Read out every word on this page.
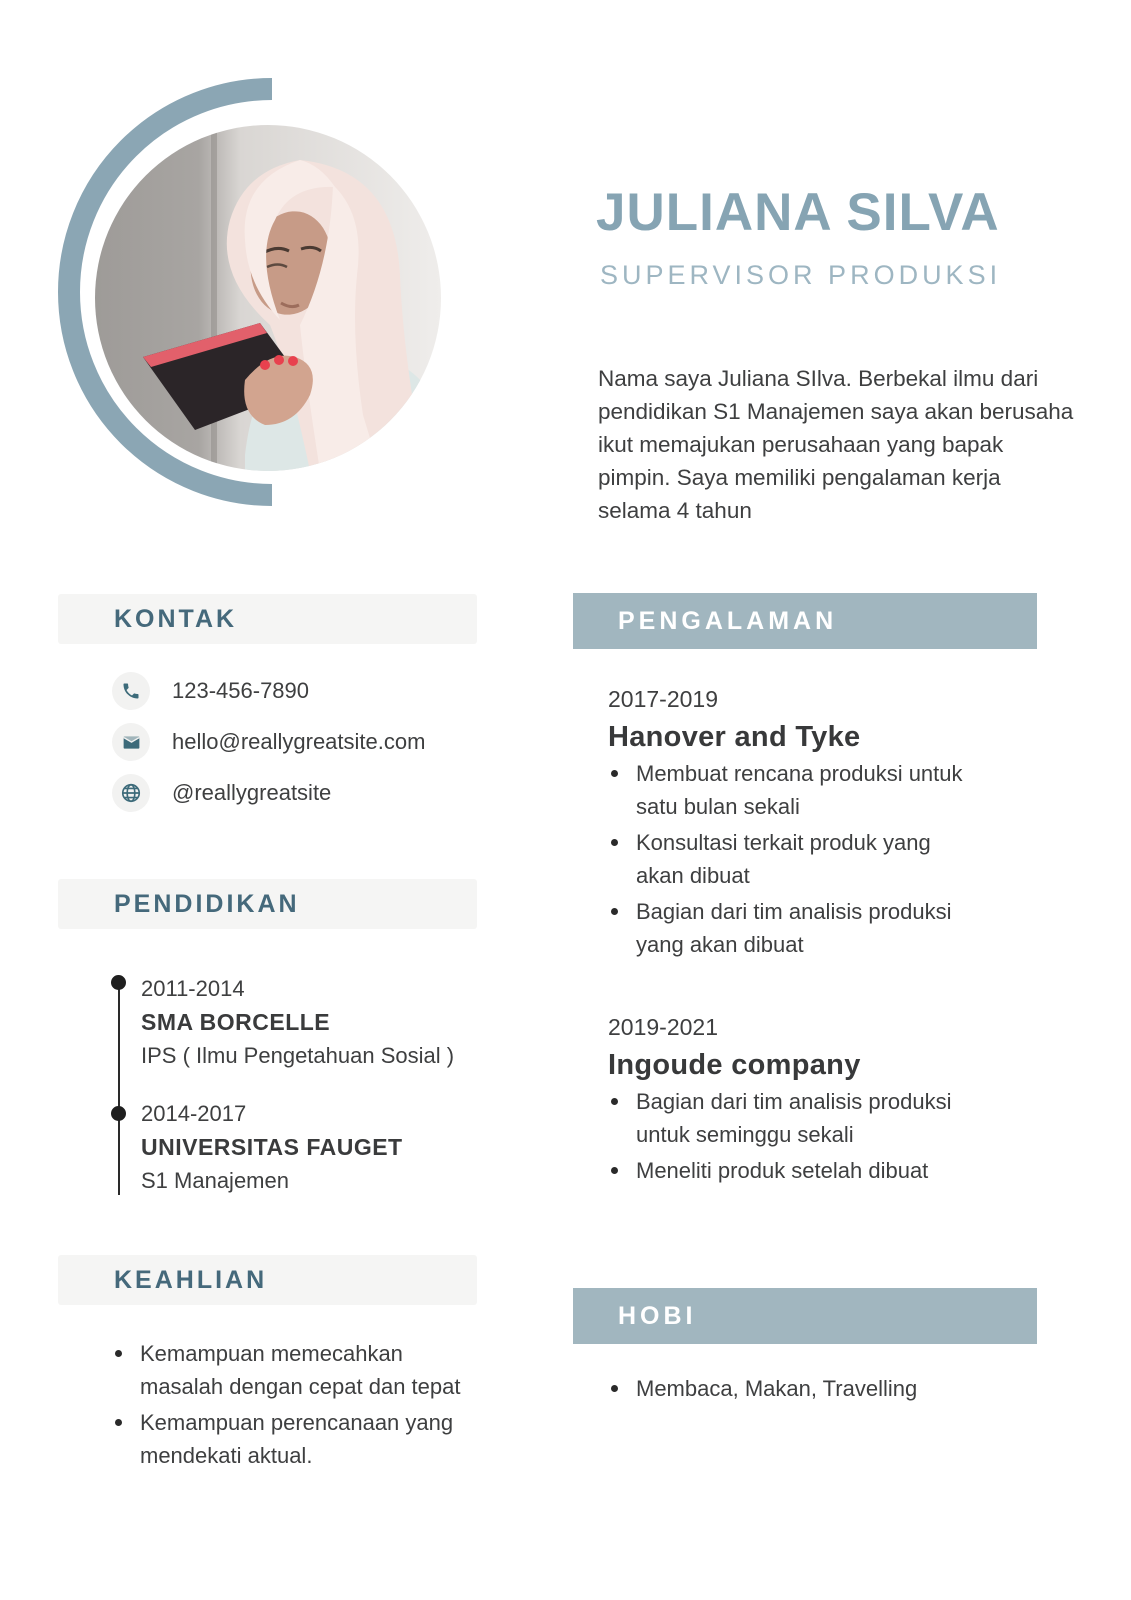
JULIANA SILVA
SUPERVISOR PRODUKSI
Nama saya Juliana SIlva. Berbekal ilmu dari pendidikan S1 Manajemen saya akan berusaha ikut memajukan perusahaan yang bapak pimpin. Saya memiliki pengalaman kerja selama 4 tahun
KONTAK
123-456-7890
hello@reallygreatsite.com
@reallygreatsite
PENDIDIKAN
2011-2014
SMA BORCELLE
IPS ( Ilmu Pengetahuan Sosial )
2014-2017
UNIVERSITAS FAUGET
S1 Manajemen
KEAHLIAN
Kemampuan memecahkan masalah dengan cepat dan tepat
Kemampuan perencanaan yang mendekati aktual.
PENGALAMAN
2017-2019
Hanover and Tyke
Membuat rencana produksi untuk satu bulan sekali
Konsultasi terkait produk yang akan dibuat
Bagian dari tim analisis produksi yang akan dibuat
2019-2021
Ingoude company
Bagian dari tim analisis produksi untuk seminggu sekali
Meneliti produk setelah dibuat
HOBI
Membaca, Makan, Travelling
